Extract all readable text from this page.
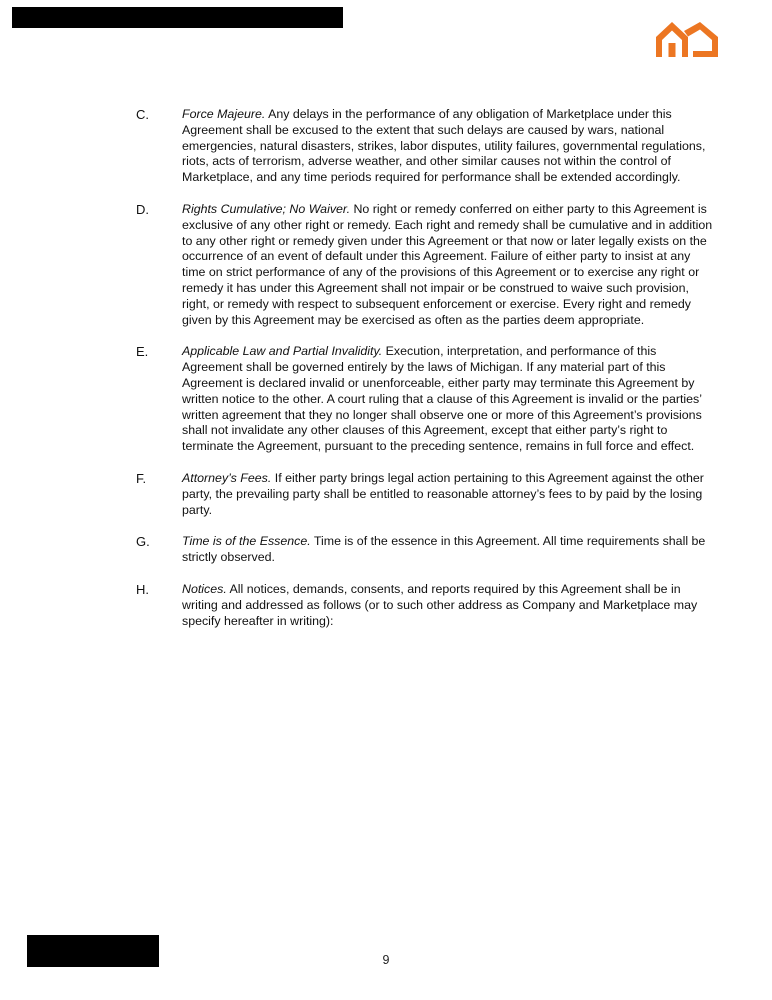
C.	Force Majeure. Any delays in the performance of any obligation of Marketplace under this Agreement shall be excused to the extent that such delays are caused by wars, national emergencies, natural disasters, strikes, labor disputes, utility failures, governmental regulations, riots, acts of terrorism, adverse weather, and other similar causes not within the control of Marketplace, and any time periods required for performance shall be extended accordingly.
D.	Rights Cumulative; No Waiver. No right or remedy conferred on either party to this Agreement is exclusive of any other right or remedy. Each right and remedy shall be cumulative and in addition to any other right or remedy given under this Agreement or that now or later legally exists on the occurrence of an event of default under this Agreement. Failure of either party to insist at any time on strict performance of any of the provisions of this Agreement or to exercise any right or remedy it has under this Agreement shall not impair or be construed to waive such provision, right, or remedy with respect to subsequent enforcement or exercise. Every right and remedy given by this Agreement may be exercised as often as the parties deem appropriate.
E.	Applicable Law and Partial Invalidity. Execution, interpretation, and performance of this Agreement shall be governed entirely by the laws of Michigan. If any material part of this Agreement is declared invalid or unenforceable, either party may terminate this Agreement by written notice to the other. A court ruling that a clause of this Agreement is invalid or the parties’ written agreement that they no longer shall observe one or more of this Agreement’s provisions shall not invalidate any other clauses of this Agreement, except that either party’s right to terminate the Agreement, pursuant to the preceding sentence, remains in full force and effect.
F.	Attorney’s Fees. If either party brings legal action pertaining to this Agreement against the other party, the prevailing party shall be entitled to reasonable attorney’s fees to by paid by the losing party.
G.	Time is of the Essence. Time is of the essence in this Agreement. All time requirements shall be strictly observed.
H.	Notices. All notices, demands, consents, and reports required by this Agreement shall be in writing and addressed as follows (or to such other address as Company and Marketplace may specify hereafter in writing):
9
